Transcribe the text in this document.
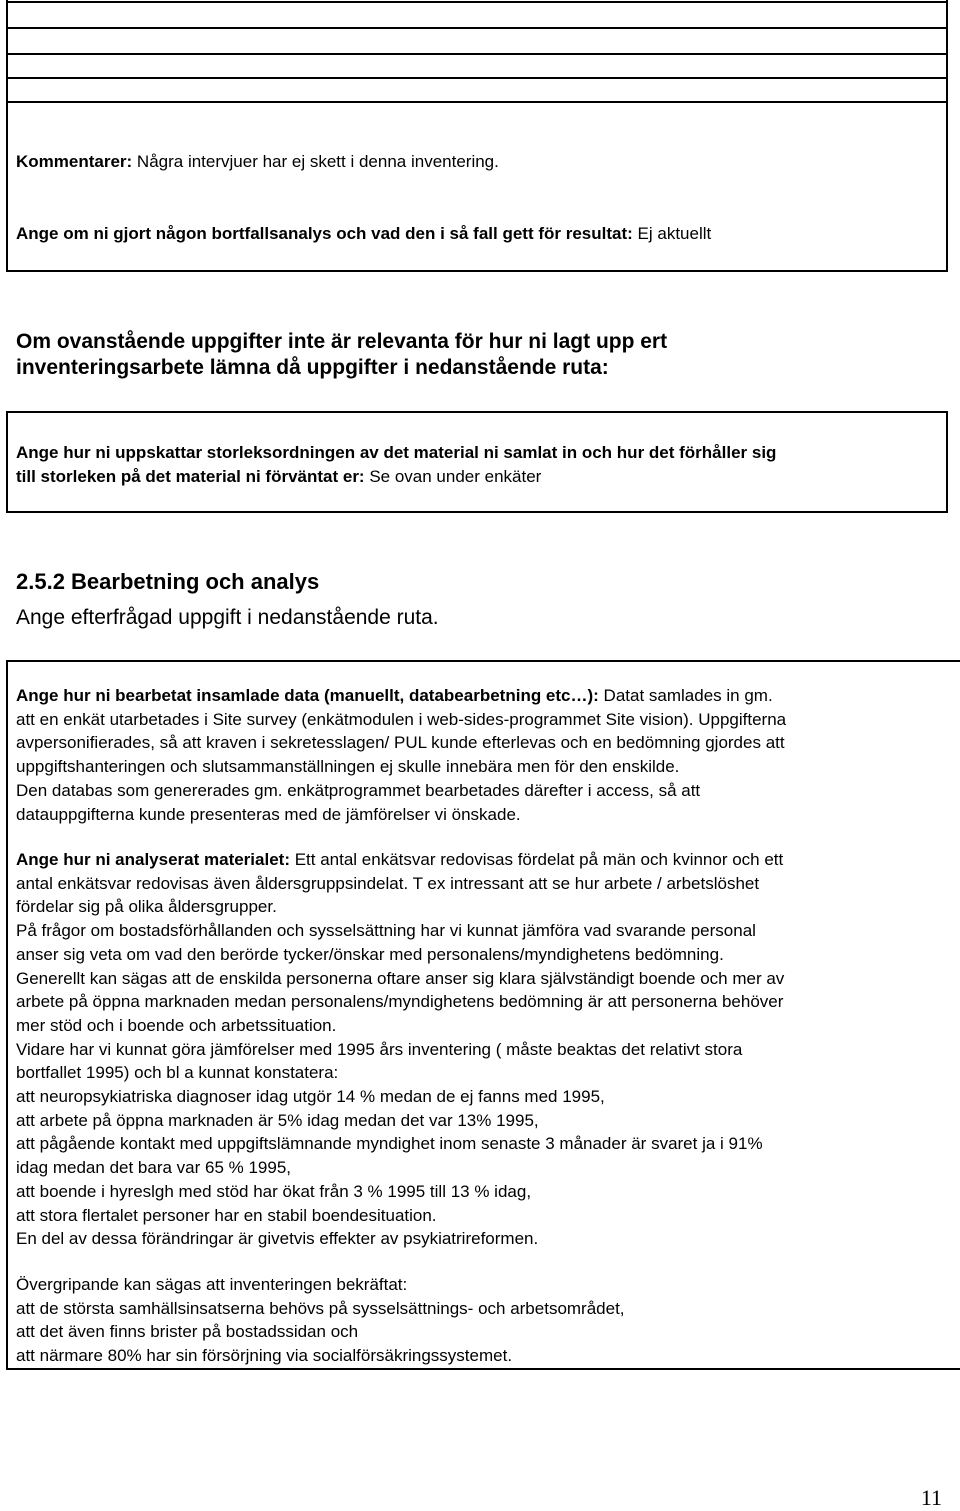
Kommentarer: Några intervjuer har ej skett i denna inventering.
Ange om ni gjort någon bortfallsanalys och vad den i så fall gett för resultat: Ej aktuellt
Om ovanstående uppgifter inte är relevanta för hur ni lagt upp ert
inventeringsarbete lämna då uppgifter i nedanstående ruta:
Ange hur ni uppskattar storleksordningen av det material ni samlat in och hur det förhåller sig
till storleken på det material ni förväntat er: Se ovan under enkäter
2.5.2 Bearbetning och analys
Ange efterfrågad uppgift i nedanstående ruta.
Ange hur ni bearbetat insamlade data (manuellt, databearbetning etc…): Datat samlades in gm.
att en enkät utarbetades i Site survey (enkätmodulen i web-sides-programmet Site vision). Uppgifterna
avpersonifierades, så att kraven i sekretesslagen/ PUL kunde efterlevas och en bedömning gjordes att
uppgiftshanteringen och slutsammanställningen ej skulle innebära men för den enskilde.
Den databas som genererades gm. enkätprogrammet bearbetades därefter i access, så att
datauppgifterna kunde presenteras med de jämförelser vi önskade.
Ange hur ni analyserat materialet: Ett antal enkätsvar redovisas fördelat på män och kvinnor och ett
antal enkätsvar redovisas även åldersgruppsindelat. T ex intressant att se hur arbete / arbetslöshet
fördelar sig på olika åldersgrupper.
På frågor om bostadsförhållanden och sysselsättning har vi kunnat jämföra vad svarande personal
anser sig veta om vad den berörde tycker/önskar med personalens/myndighetens bedömning.
Generellt kan sägas att de enskilda personerna oftare anser sig klara självständigt boende och mer av
arbete på öppna marknaden medan personalens/myndighetens bedömning är att personerna behöver
mer stöd och i boende och arbetssituation.
Vidare har vi kunnat göra jämförelser med 1995 års inventering ( måste beaktas det relativt stora
bortfallet 1995) och bl a kunnat konstatera:
att neuropsykiatriska diagnoser idag utgör 14 % medan de ej fanns med 1995,
att arbete på öppna marknaden är 5% idag medan det var 13% 1995,
att pågående kontakt med uppgiftslämnande myndighet inom senaste 3 månader är svaret ja i 91%
idag medan det bara var 65 % 1995,
att boende i hyreslgh med stöd har ökat från 3 % 1995 till 13 % idag,
att stora flertalet personer har en stabil boendesituation.
En del av dessa förändringar är givetvis effekter av psykiatrireformen.
Övergripande kan sägas att inventeringen bekräftat:
att de största samhällsinsatserna behövs på sysselsättnings- och arbetsområdet,
att det även finns brister på bostadssidan och
att närmare 80% har sin försörjning via socialförsäkringssystemet.
11
